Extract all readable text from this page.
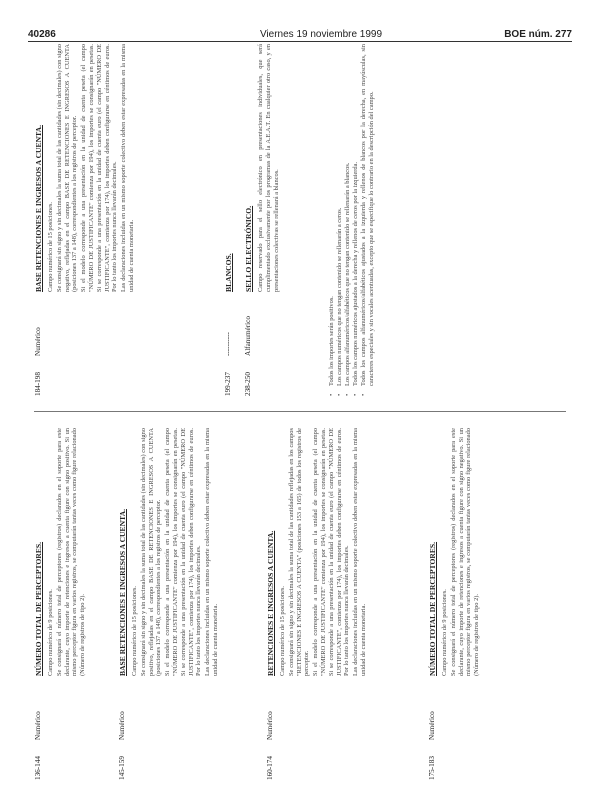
40286	Viernes 19 noviembre 1999	BOE núm. 277
136-144
Numérico

NÚMERO TOTAL DE PERCEPTORES. Campo numérico de 9 posiciones. Se consignará el número total de perceptores (registros) declarados en el soporte para este declarante, cuyo importe de retenciones e ingresos a cuenta figure con signo positivo. Si un mismo perceptor figura en varios registros, se computarán tantas veces como figure relacionado (Número de registros de tipo 2).

145-159
Numérico

BASE RETENCIONES E INGRESOS A CUENTA. Campo numérico de 15 posiciones. Se consignará sin signo y sin decimales la suma total de las cantidades (sin decimales) con signo positivo, reflejadas en el campo BASE DE RETENCIONES E INGRESOS A CUENTA (posiciones 137 a 148), correspondientes a los registros de perceptor. Si el modelo corresponde a una presentación en la unidad de cuenta peseta (el campo "NÚMERO DE JUSTIFICANTE" comienza por 194), los importes se consignarán en pesetas. Si se corresponde a una presentación en la unidad de cuenta euro (el campo "NÚMERO DE JUSTIFICANTE", comienza por 174), los importes deben configurarse en céntimos de euros. Por lo tanto los importes nunca llevarán decimales. Las declaraciones incluidas en un mismo soporte colectivo deben estar expresadas en la misma unidad de cuenta monetaria.

160-174
Numérico

RETENCIONES E INGRESOS A CUENTA. Campo numérico de 15 posiciones. Se consignará sin signo y sin decimales la suma total de las cantidades reflejadas en los campos "RETENCIONES E INGRESOS A CUENTA" (posiciones 153 a 165) de todos los registros de perceptor. Si el modelo corresponde a una presentación en la unidad de cuenta peseta (el campo "NÚMERO DE JUSTIFICANTE" comienza por 194), los importes se consignarán en pesetas. Si se corresponde a una presentación en la unidad de cuenta euro (el campo "NÚMERO DE JUSTIFICANTE", comienza por 174), los importes deben configurarse en céntimos de euros. Por lo tanto los importes nunca llevarán decimales. Las declaraciones incluidas en un mismo soporte colectivo deben estar expresadas en la misma unidad de cuenta monetaria.

175-183
Numérico

NÚMERO TOTAL DE PERCEPTORES. Campo numérico de 9 posiciones. Se consignará el número total de perceptores (registros) declarados en el soporte para este declarante, cuyo importe de retenciones e ingresos a cuenta figure con signo negativo. Si un mismo perceptor figura en varios registros, se computarán tantas veces como figure relacionado (Número de registros de tipo 2).

184-198
Numérico

BASE RETENCIONES E INGRESOS A CUENTA. Campo numérico de 15 posiciones. Se consignará sin signo y sin decimales la suma total de las cantidades (sin decimales) con signo negativo, reflejadas en el campo BASE DE RETENCIONES E INGRESOS A CUENTA (posiciones 137 a 148), correspondientes a los registros de perceptor. Si el modelo corresponde a una presentación en la unidad de cuenta peseta (el campo "NÚMERO DE JUSTIFICANTE" comienza por 194), los importes se consignarán en pesetas. Si se corresponde a una presentación en la unidad de cuenta euro (el campo "NÚMERO DE JUSTIFICANTE", comienza por 174), los importes deben configurarse en céntimos de euros. Por lo tanto los importes nunca llevarán decimales. Las declaraciones incluidas en un mismo soporte colectivo deben estar expresadas en la misma unidad de cuenta monetaria.

199-237
----------

BLANCOS.

238-250
Alfanumérico

SELLO ELECTRÓNICO. Campo reservado para el sello electrónico en presentaciones individuales, que será cumplimentado exclusivamente por los programas de la A.E.A.T. En cualquier otro caso, y en presentaciones colectivas se rellenará a blancos.

• Todos los importes serán positivos. • Los campos numéricos que no tengan contenido se rellenarán a ceros. • Los campos alfanuméricos/alfabéticos que no tengan contenido se rellenarán a blancos. • Todos los campos numéricos ajustados a la derecha y rellenos de ceros por la izquierda. • Todos los campos alfanuméricos/alfabéticos ajustados a la izquierda y rellenos de blancos por la derecha, en mayúsculas, sin caracteres especiales y sin vocales acentuadas, excepto que se especifique lo contrario en la descripción del campo.
